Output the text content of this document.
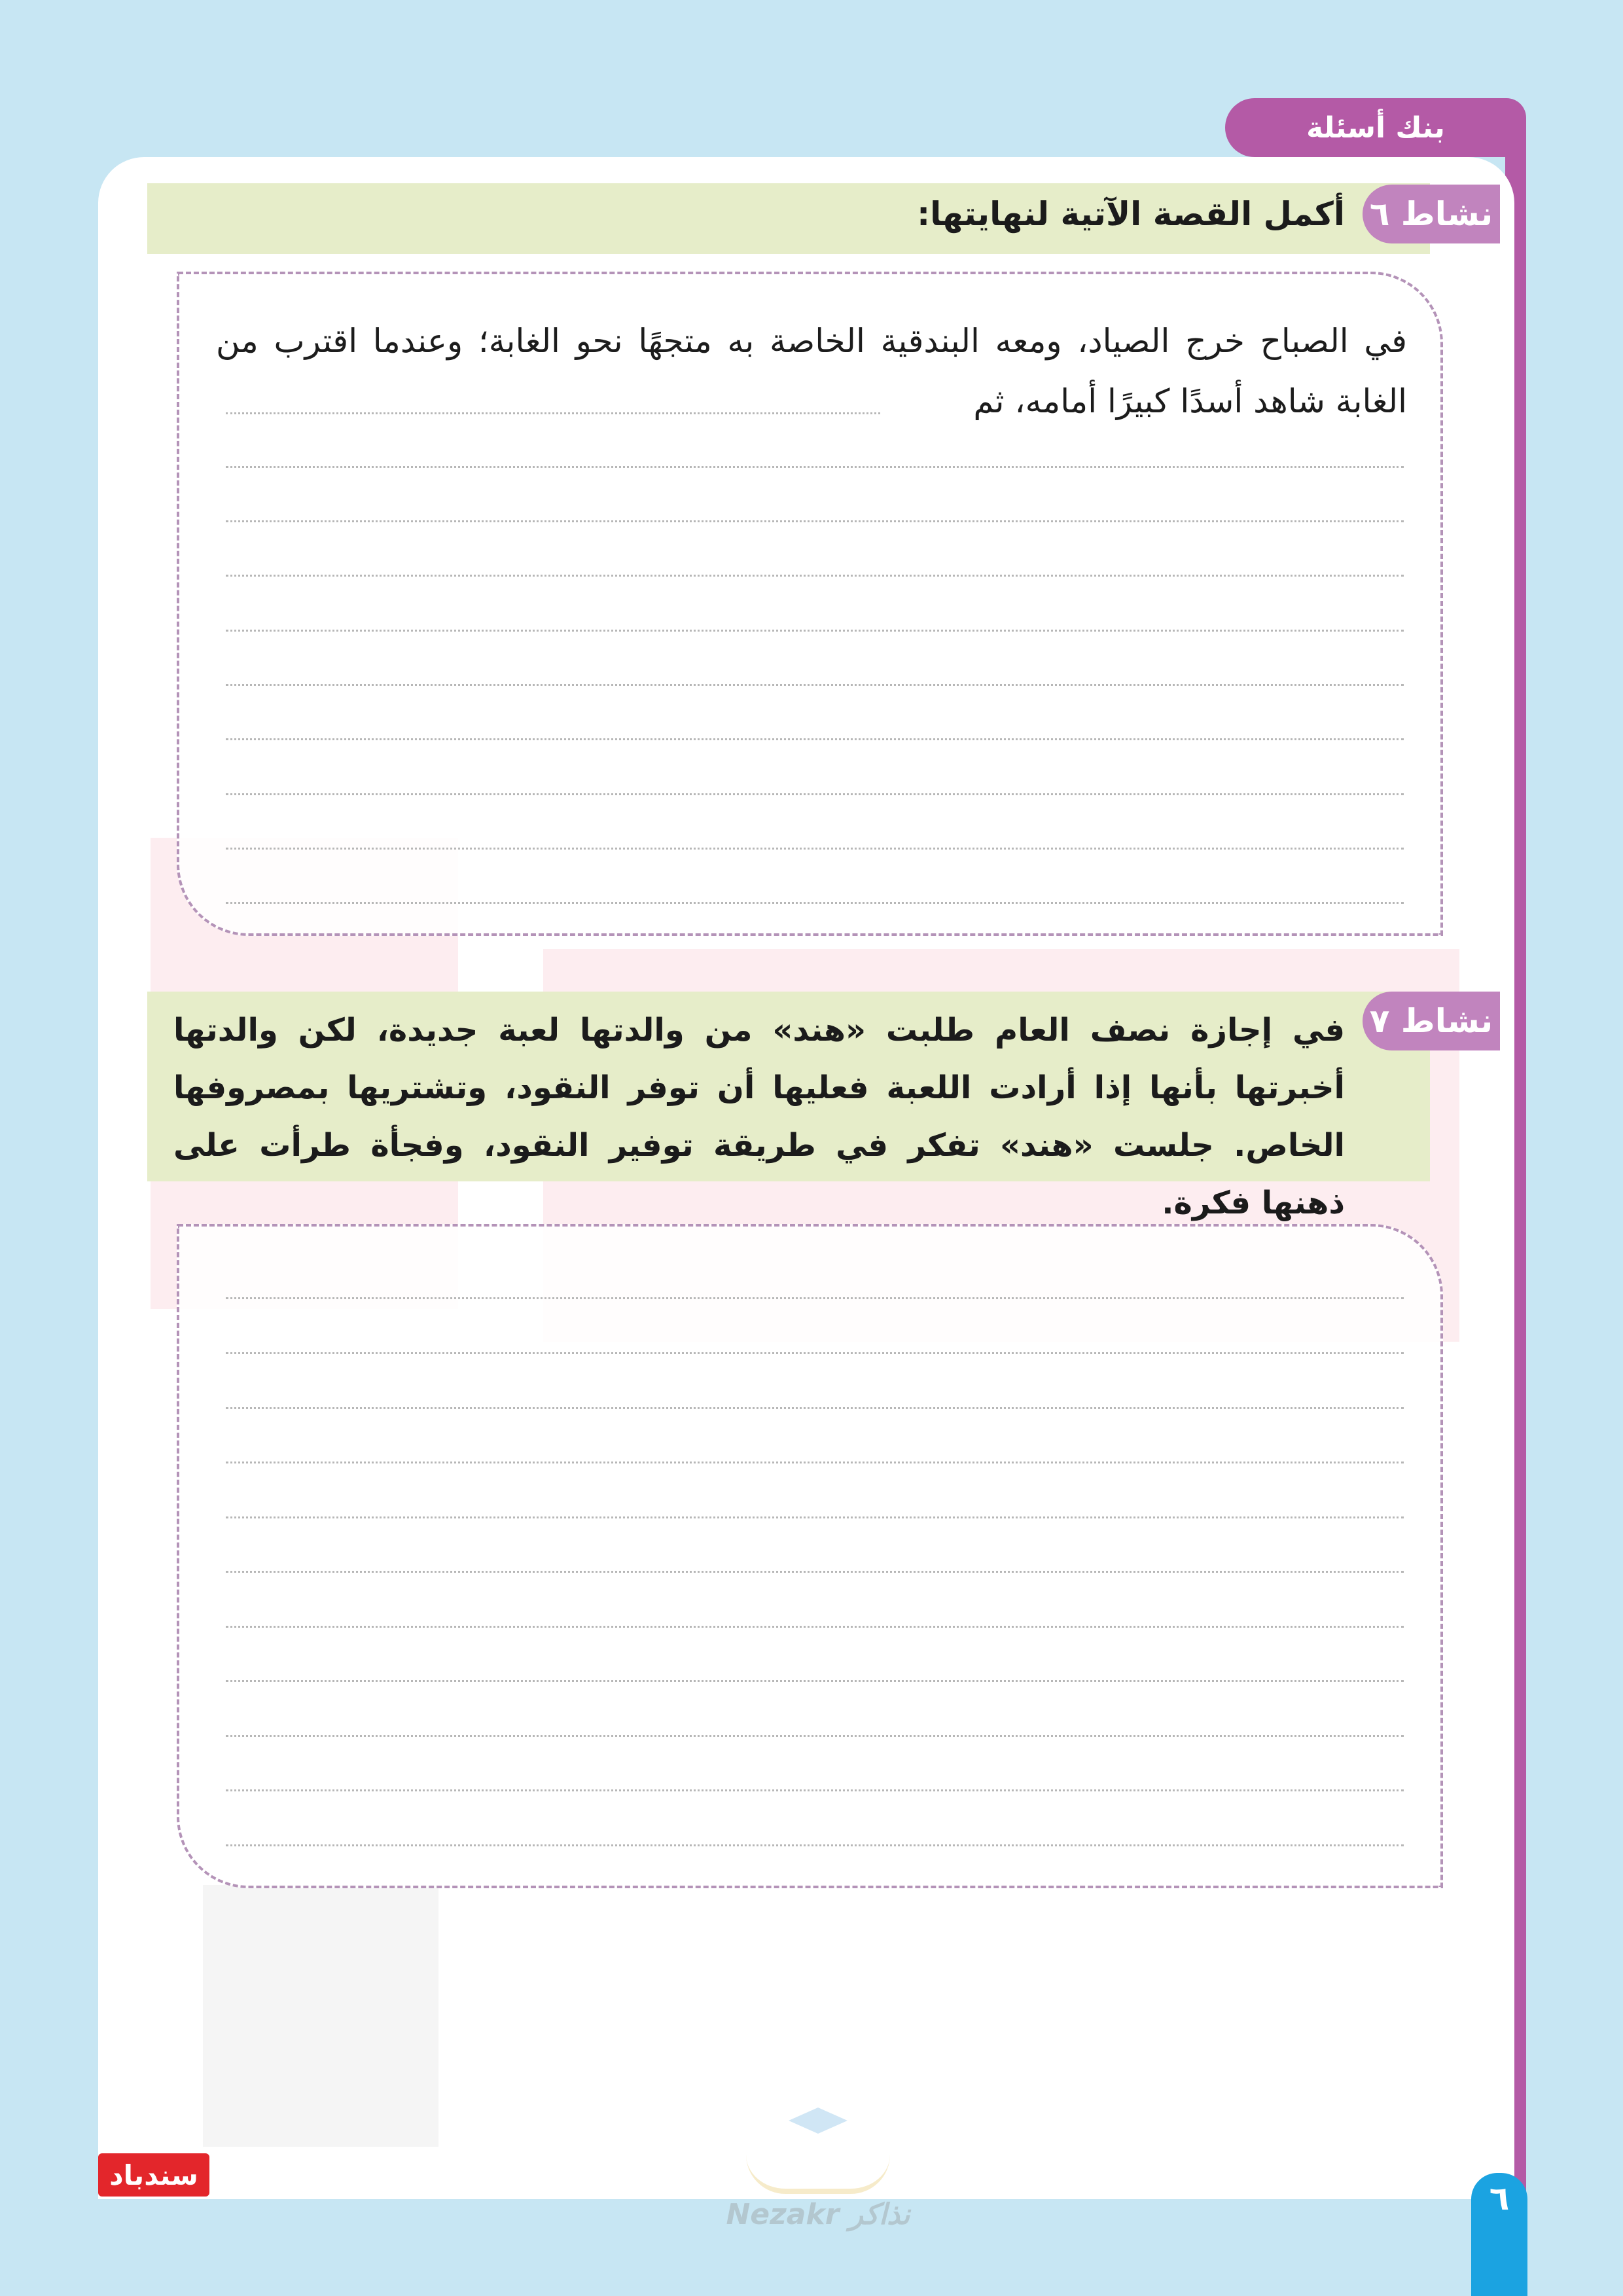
بنك أسئلة
أكمل القصة الآتية لنهايتها: نشاط ٦
في الصباح خرج الصياد، ومعه البندقية الخاصة به متجهًا نحو الغابة؛ وعندما اقترب من الغابة شاهد أسدًا كبيرًا أمامه، ثم
في إجازة نصف العام طلبت «هند» من والدتها لعبة جديدة، لكن والدتها أخبرتها بأنها إذا أرادت اللعبة فعليها أن توفر النقود، وتشتريها بمصروفها الخاص. جلست «هند» تفكر في طريقة توفير النقود، وفجأة طرأت على ذهنها فكرة.
نشاط ٧
سندباد
Nezakr نذاكر	٦
